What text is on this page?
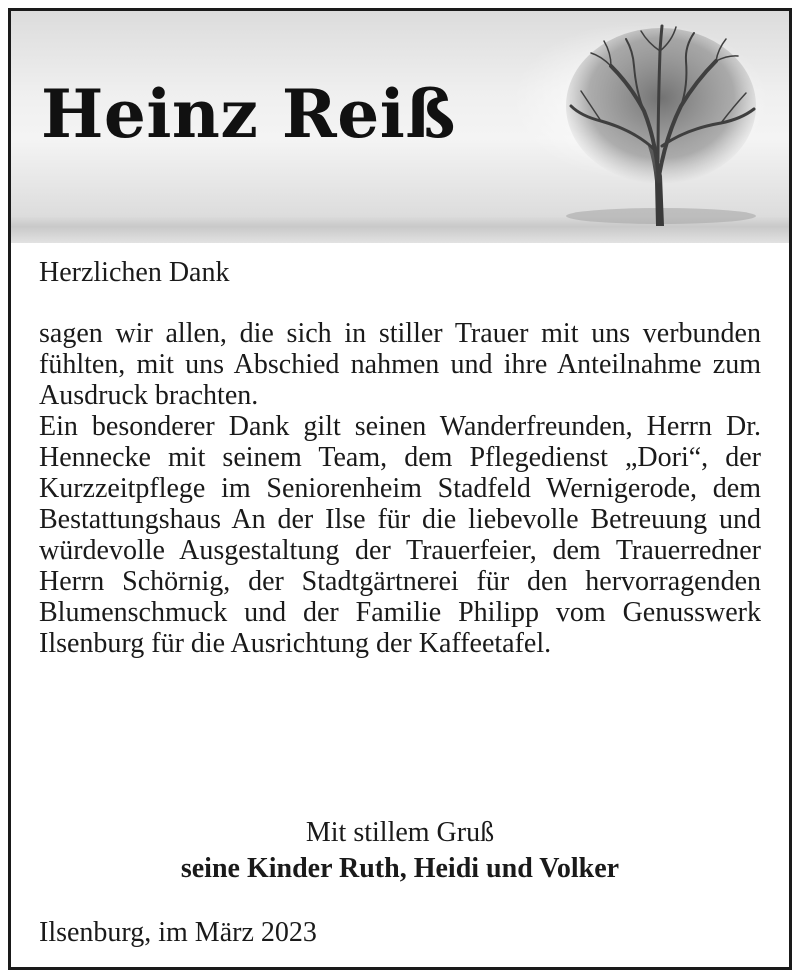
Heinz Reiß
Herzlichen Dank

sagen wir allen, die sich in stiller Trauer mit uns verbunden fühlten, mit uns Abschied nahmen und ihre Anteilnahme zum Ausdruck brachten.

Ein besonderer Dank gilt seinen Wanderfreunden, Herrn Dr. Hennecke mit seinem Team, dem Pflegedienst „Dori“, der Kurzzeitpflege im Seniorenheim Stadfeld Wernigerode, dem Bestattungshaus An der Ilse für die liebevolle Betreuung und würdevolle Ausgestaltung der Trauerfeier, dem Trauerredner Herrn Schörnig, der Stadtgärtnerei für den hervorragenden Blumenschmuck und der Familie Philipp vom Genusswerk Ilsenburg für die Ausrichtung der Kaffeetafel.

Mit stillem Gruß
seine Kinder Ruth, Heidi und Volker
Ilsenburg, im März 2023
